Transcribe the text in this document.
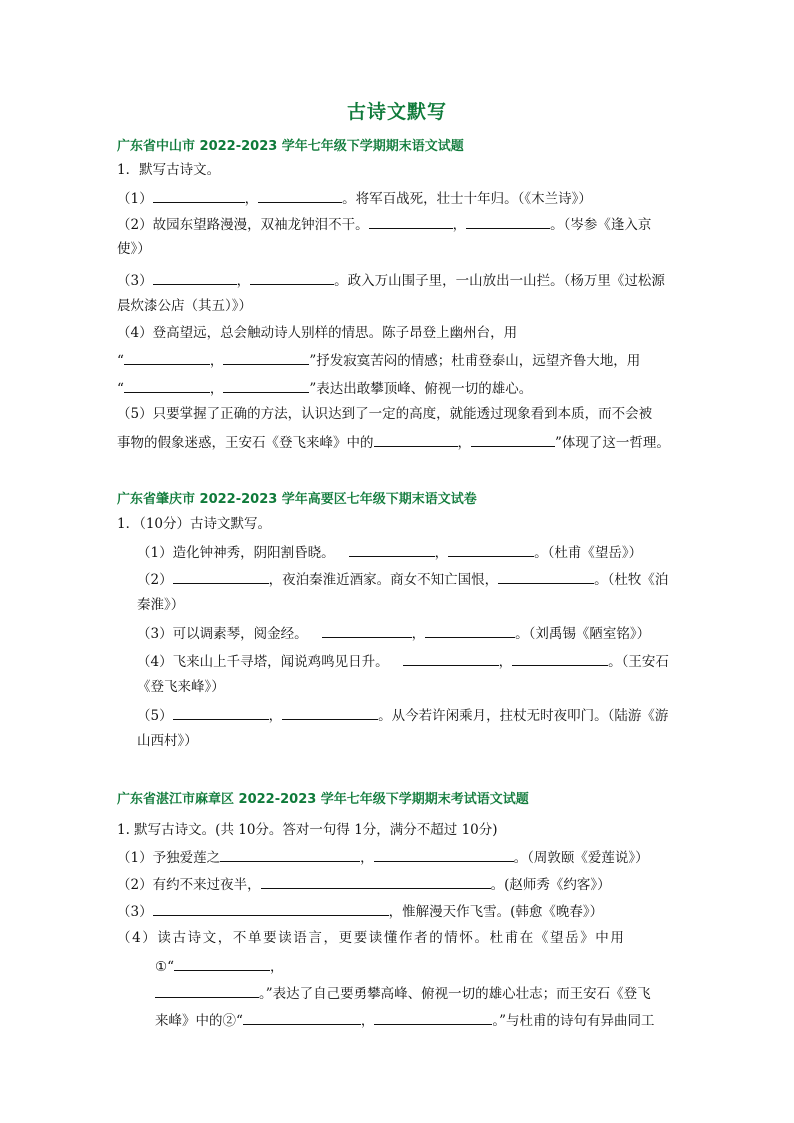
古诗文默写
广东省中山市 2022-2023 学年七年级下学期期末语文试题
1．默写古诗文。
（1）	，	。将军百战死，壮士十年归。（《木兰诗》）
（2）故园东望路漫漫，双袖龙钟泪不干。	，	。（岑参《逢入京
使》）
（3）	，	。政入万山围子里，一山放出一山拦。（杨万里《过松源
晨炊漆公店（其五）》）
（4）登高望远，总会触动诗人别样的情思。陈子昂登上幽州台，用
“	，	”抒发寂寞苦闷的情感；杜甫登泰山，远望齐鲁大地，用
“	，	”表达出敢攀顶峰、俯视一切的雄心。
（5）只要掌握了正确的方法，认识达到了一定的高度，就能透过现象看到本质，而不会被
事物的假象迷惑，王安石《登飞来峰》中的	，	”体现了这一哲理。
广东省肇庆市 2022-2023 学年高要区七年级下期末语文试卷
1．（10分）古诗文默写。
（1）造化钟神秀，阴阳割昏晓。	，	。（杜甫《望岳》）
（2）	，夜泊秦淮近酒家。商女不知亡国恨，	。（杜牧《泊
秦淮》）
（3）可以调素琴，阅金经。	，	。（刘禹锡《陋室铭》）
（4）飞来山上千寻塔，闻说鸡鸣见日升。	，	。（王安石
《登飞来峰》）
（5）	，	。从今若许闲乘月，拄杖无时夜叩门。（陆游《游
山西村》）
广东省湛江市麻章区 2022-2023 学年七年级下学期期末考试语文试题
1. 默写古诗文。(共 10分。答对一句得 1分，满分不超过 10分)
（1）予独爱莲之	，	。（周敦颐《爱莲说》）
（2）有约不来过夜半，	。(赵师秀《约客》）
（3）	，惟解漫天作飞雪。(韩愈《晚春》）
（4）读古诗文，不单要读语言，更要读懂作者的情怀。杜甫在《望岳》中用
①“	，
。”表达了自己要勇攀高峰、俯视一切的雄心壮志；而王安石《登飞
来峰》中的②“	，	。”与杜甫的诗句有异曲同工
